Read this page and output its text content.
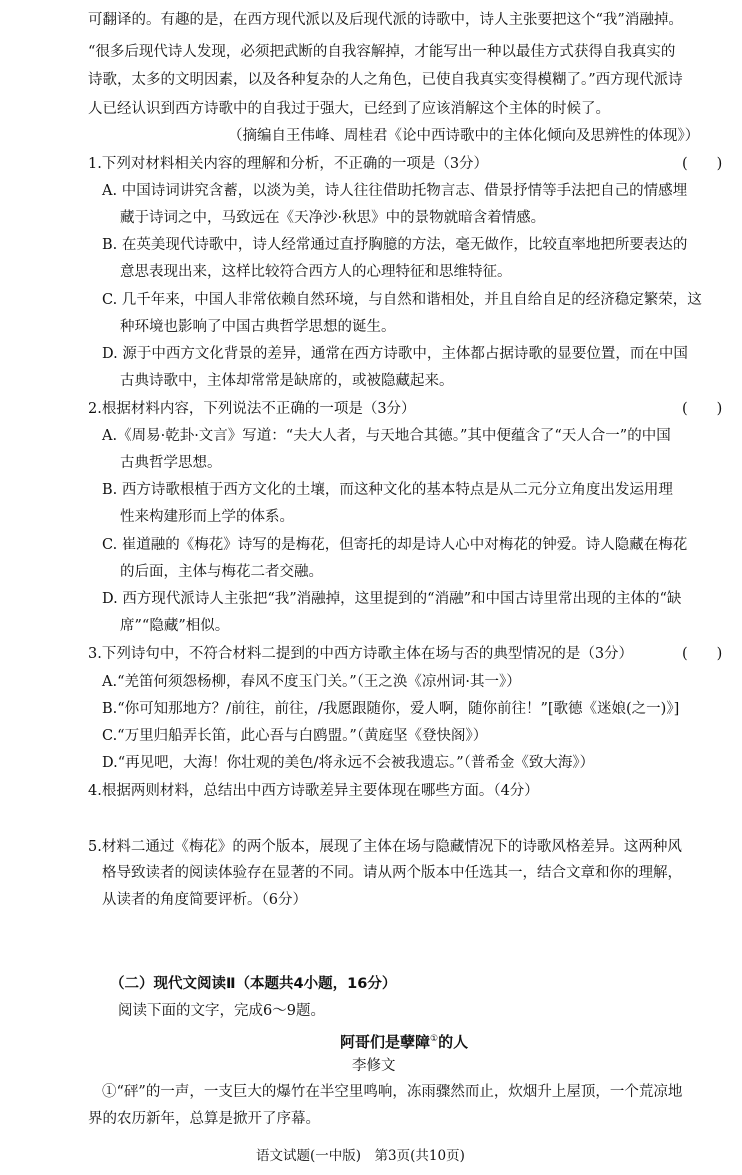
可翻译的。有趣的是，在西方现代派以及后现代派的诗歌中，诗人主张要把这个“我”消融掉。
“很多后现代诗人发现，必须把武断的自我容解掉，才能写出一种以最佳方式获得自我真实的
诗歌，太多的文明因素，以及各种复杂的人之角色，已使自我真实变得模糊了。”西方现代派诗
人已经认识到西方诗歌中的自我过于强大，已经到了应该消解这个主体的时候了。
（摘编自王伟峰、周桂君《论中西诗歌中的主体化倾向及思辨性的体现》）
1.下列对材料相关内容的理解和分析，不正确的一项是（3分）	(　　)
A. 中国诗词讲究含蓄，以淡为美，诗人往往借助托物言志、借景抒情等手法把自己的情感埋
藏于诗词之中，马致远在《天净沙·秋思》中的景物就暗含着情感。
B. 在英美现代诗歌中，诗人经常通过直抒胸臆的方法，毫无做作，比较直率地把所要表达的
意思表现出来，这样比较符合西方人的心理特征和思维特征。
C. 几千年来，中国人非常依赖自然环境，与自然和谐相处，并且自给自足的经济稳定繁荣，这
种环境也影响了中国古典哲学思想的诞生。
D. 源于中西方文化背景的差异，通常在西方诗歌中，主体都占据诗歌的显要位置，而在中国
古典诗歌中，主体却常常是缺席的，或被隐藏起来。
2.根据材料内容，下列说法不正确的一项是（3分）	(　　)
A.《周易·乾卦·文言》写道：“夫大人者，与天地合其德。”其中便蕴含了“天人合一”的中国
古典哲学思想。
B. 西方诗歌根植于西方文化的土壤，而这种文化的基本特点是从二元分立角度出发运用理
性来构建形而上学的体系。
C. 崔道融的《梅花》诗写的是梅花，但寄托的却是诗人心中对梅花的钟爱。诗人隐藏在梅花
的后面，主体与梅花二者交融。
D. 西方现代派诗人主张把“我”消融掉，这里提到的“消融”和中国古诗里常出现的主体的“缺
席”“隐藏”相似。
3.下列诗句中，不符合材料二提到的中西方诗歌主体在场与否的典型情况的是（3分）	(　　)
A.“羌笛何须怨杨柳，春风不度玉门关。”（王之涣《凉州词·其一》）
B.“你可知那地方？/前往，前往，/我愿跟随你，爱人啊，随你前往！”[歌德《迷娘(之一)》]
C.“万里归船弄长笛，此心吾与白鸥盟。”（黄庭坚《登快阁》）
D.“再见吧，大海！你壮观的美色/将永远不会被我遗忘。”（普希金《致大海》）
4.根据两则材料，总结出中西方诗歌差异主要体现在哪些方面。（4分）
5.材料二通过《梅花》的两个版本，展现了主体在场与隐藏情况下的诗歌风格差异。这两种风
格导致读者的阅读体验存在显著的不同。请从两个版本中任选其一，结合文章和你的理解，
从读者的角度简要评析。（6分）
（二）现代文阅读Ⅱ（本题共4小题，16分）
阅读下面的文字，完成6～9题。
阿哥们是孽障①的人
李修文
①“砰”的一声，一支巨大的爆竹在半空里鸣响，冻雨骤然而止，炊烟升上屋顶，一个荒凉地
界的农历新年，总算是掀开了序幕。
语文试题(一中版)　第3页(共10页)
